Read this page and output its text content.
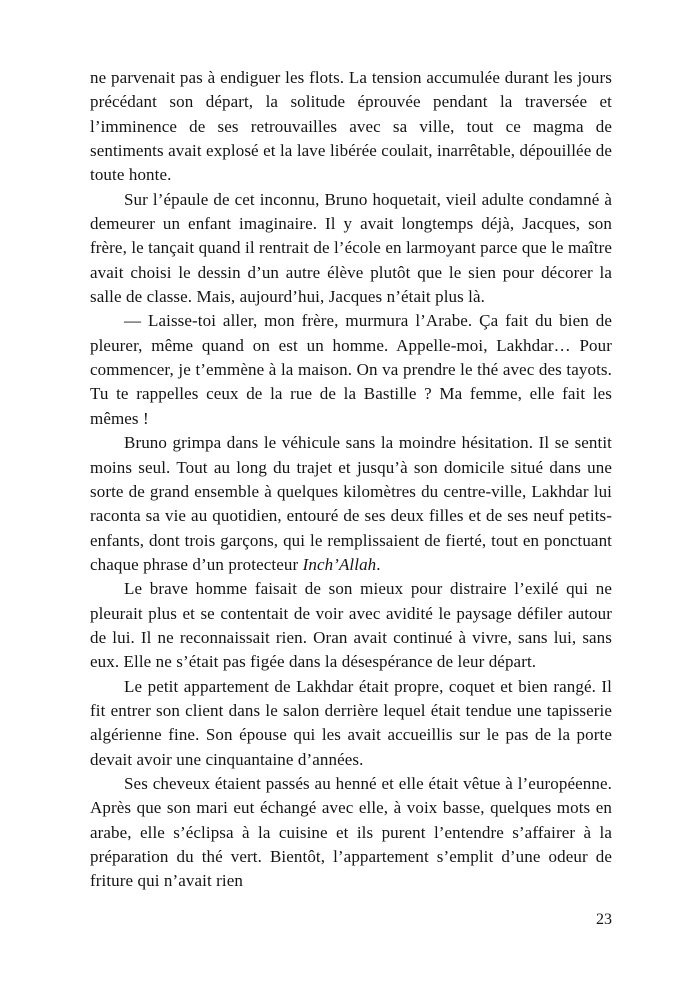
ne parvenait pas à endiguer les flots. La tension accumulée durant les jours précédant son départ, la solitude éprouvée pendant la traversée et l’imminence de ses retrouvailles avec sa ville, tout ce magma de sentiments avait explosé et la lave libérée coulait, inarrêtable, dépouillée de toute honte.

Sur l’épaule de cet inconnu, Bruno hoquetait, vieil adulte condamné à demeurer un enfant imaginaire. Il y avait longtemps déjà, Jacques, son frère, le tançait quand il rentrait de l’école en larmoyant parce que le maître avait choisi le dessin d’un autre élève plutôt que le sien pour décorer la salle de classe. Mais, aujourd’hui, Jacques n’était plus là.

— Laisse-toi aller, mon frère, murmura l’Arabe. Ça fait du bien de pleurer, même quand on est un homme. Appelle-moi, Lakhdar… Pour commencer, je t’emmène à la maison. On va prendre le thé avec des tayots. Tu te rappelles ceux de la rue de la Bastille ? Ma femme, elle fait les mêmes !

Bruno grimpa dans le véhicule sans la moindre hésitation. Il se sentit moins seul. Tout au long du trajet et jusqu’à son domicile situé dans une sorte de grand ensemble à quelques kilomètres du centre-ville, Lakhdar lui raconta sa vie au quotidien, entouré de ses deux filles et de ses neuf petits-enfants, dont trois garçons, qui le remplissaient de fierté, tout en ponctuant chaque phrase d’un protecteur Inch’Allah.

Le brave homme faisait de son mieux pour distraire l’exilé qui ne pleurait plus et se contentait de voir avec avidité le paysage défiler autour de lui. Il ne reconnaissait rien. Oran avait continué à vivre, sans lui, sans eux. Elle ne s’était pas figée dans la désespérance de leur départ.

Le petit appartement de Lakhdar était propre, coquet et bien rangé. Il fit entrer son client dans le salon derrière lequel était tendue une tapisserie algérienne fine. Son épouse qui les avait accueillis sur le pas de la porte devait avoir une cinquantaine d’années.

Ses cheveux étaient passés au henné et elle était vêtue à l’européenne. Après que son mari eut échangé avec elle, à voix basse, quelques mots en arabe, elle s’éclipsa à la cuisine et ils purent l’entendre s’affairer à la préparation du thé vert. Bientôt, l’appartement s’emplit d’une odeur de friture qui n’avait rien

23
